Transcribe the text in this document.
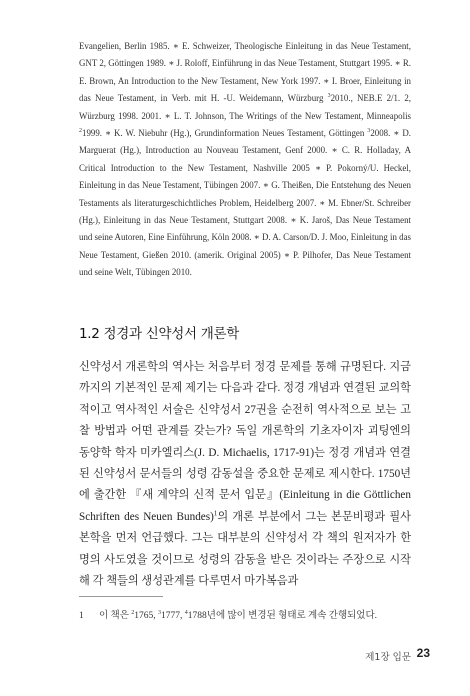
Evangelien, Berlin 1985. ∗ E. Schweizer, Theologische Einleitung in das Neue Testament, GNT 2, Göttingen 1989. ∗ J. Roloff, Einführung in das Neue Testament, Stuttgart 1995. ∗ R. E. Brown, An Introduction to the New Testament, New York 1997. ∗ I. Broer, Einleitung in das Neue Testament, in Verb. mit H. -U. Weidemann, Würzburg $^3$2010., NEB.E 2/1. 2, Würzburg 1998. 2001. ∗ L. T. Johnson, The Writings of the New Testament, Minneapolis $^2$1999. ∗ K. W. Niebuhr (Hg.), Grundinformation Neues Testament, Göttingen $^3$2008. ∗ D. Marguerat (Hg.), Introduction au Nouveau Testament, Genf 2000. ∗ C. R. Holladay, A Critical Introduction to the New Testament, Nashville 2005 ∗ P. Pokorný/U. Heckel, Einleitung in das Neue Testament, Tübingen 2007. ∗ G. Theißen, Die Entstehung des Neuen Testaments als literaturgeschichtliches Problem, Heidelberg 2007. ∗ M. Ebner/St. Schreiber (Hg.), Einleitung in das Neue Testament, Stuttgart 2008. ∗ K. Jaroš, Das Neue Testament und seine Autoren, Eine Einführung, Köln 2008. ∗ D. A. Carson/D. J. Moo, Einleitung in das Neue Testament, Gießen 2010. (amerik. Original 2005) ∗ P. Pilhofer, Das Neue Testament und seine Welt, Tübingen 2010.

1.2 정경과 신약성서 개론학

신약성서 개론학의 역사는 처음부터 정경 문제를 통해 규명된다. 지금까지의 기본적인 문제 제기는 다음과 같다. 정경 개념과 연결된 교의학적이고 역사적인 서술은 신약성서 27권을 순전히 역사적으로 보는 고찰 방법과 어떤 관계를 갖는가? 독일 개론학의 기초자이자 괴팅엔의 동양학 학자 미카엘리스(J. D. Michaelis, 1717-91)는 정경 개념과 연결된 신약성서 문서들의 성령 감동설을 중요한 문제로 제시한다. 1750년에 출간한 『새 계약의 신적 문서 입문』(Einleitung in die Göttlichen Schriften des Neuen Bundes)$^1$의 개론 부분에서 그는 본문비평과 필사본학을 먼저 언급했다. 그는 대부분의 신약성서 각 책의 원저자가 한 명의 사도였을 것이므로 성령의 감동을 받은 것이라는 주장으로 시작해 각 책들의 생성관계를 다루면서 마가복음과

1 이 책은 $^2$1765, $^3$1777, $^4$1788년에 많이 변경된 형태로 계속 간행되었다.
제1장 입문 23
